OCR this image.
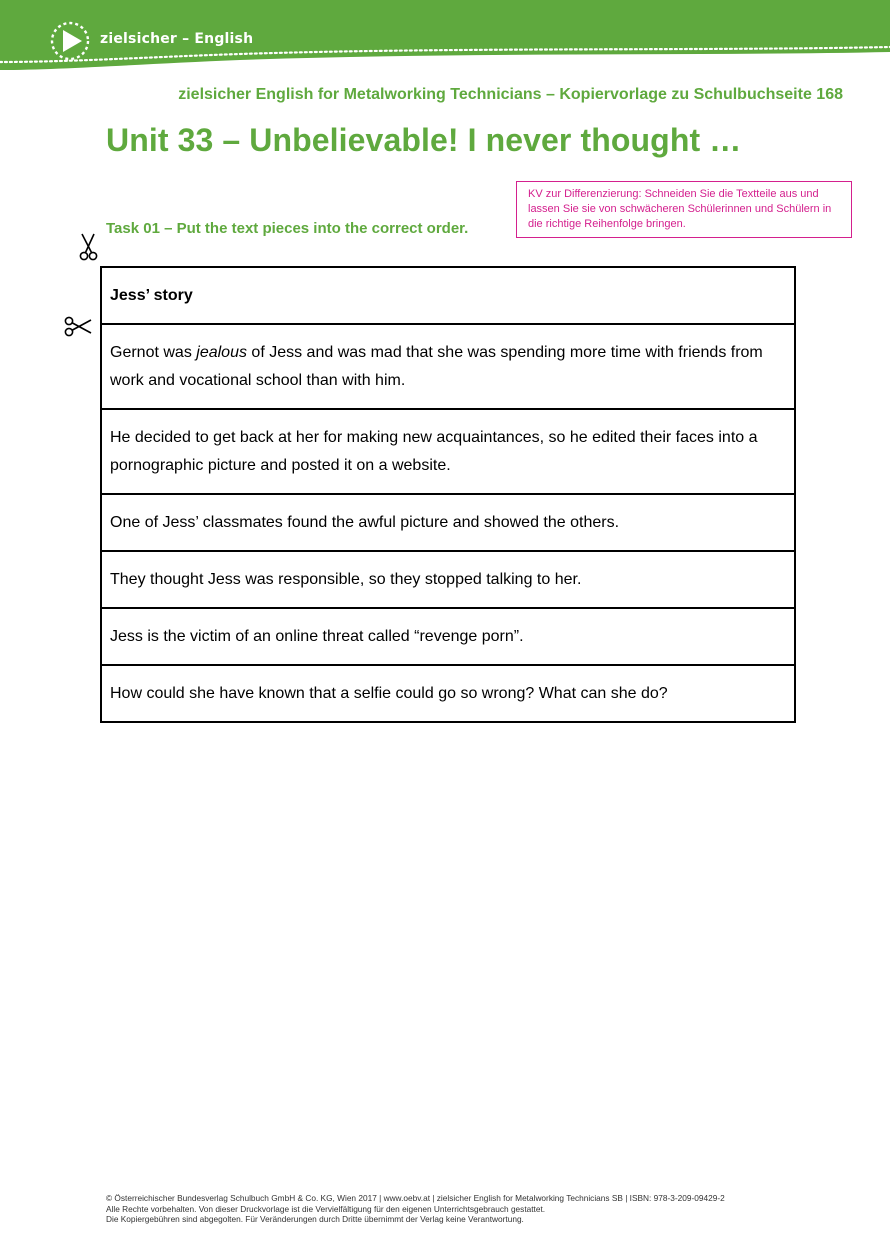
zielsicher – English
zielsicher English for Metalworking Technicians – Kopiervorlage zu Schulbuchseite 168
Unit 33 – Unbelievable! I never thought …
KV zur Differenzierung: Schneiden Sie die Textteile aus und lassen Sie sie von schwächeren Schülerinnen und Schülern in die richtige Reihenfolge bringen.
Task 01 – Put the text pieces into the correct order.
Jess’ story
Gernot was jealous of Jess and was mad that she was spending more time with friends from work and vocational school than with him.
He decided to get back at her for making new acquaintances, so he edited their faces into a pornographic picture and posted it on a website.
One of Jess’ classmates found the awful picture and showed the others.
They thought Jess was responsible, so they stopped talking to her.
Jess is the victim of an online threat called “revenge porn”.
How could she have known that a selfie could go so wrong? What can she do?
© Österreichischer Bundesverlag Schulbuch GmbH & Co. KG, Wien 2017 | www.oebv.at | zielsicher English for Metalworking Technicians SB | ISBN: 978-3-209-09429-2
Alle Rechte vorbehalten. Von dieser Druckvorlage ist die Vervielfältigung für den eigenen Unterrichtsgebrauch gestattet.
Die Kopiergebühren sind abgegolten. Für Veränderungen durch Dritte übernimmt der Verlag keine Verantwortung.
